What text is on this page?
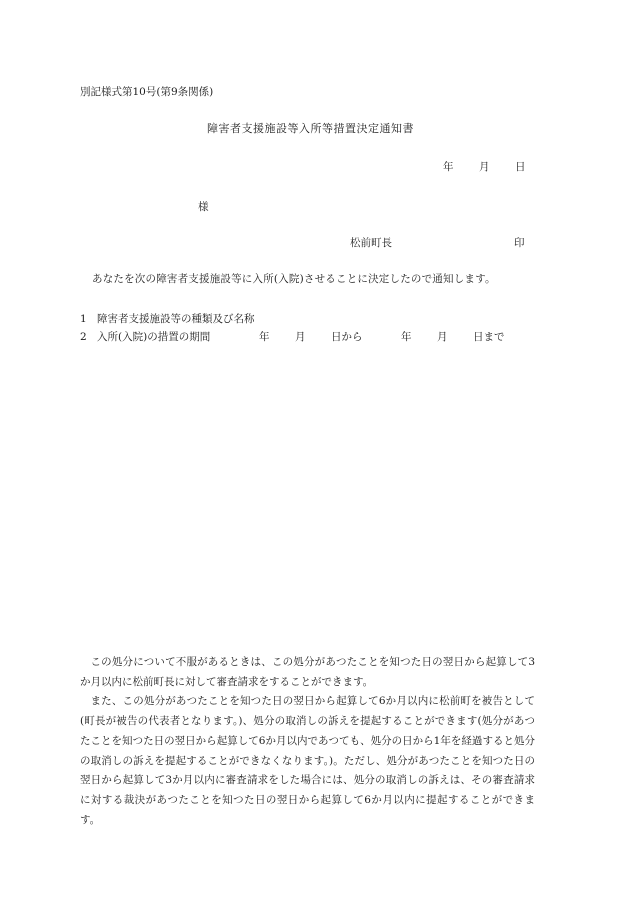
別記様式第10号(第9条関係)
障害者支援施設等入所等措置決定通知書
年 月 日
様
松前町長	印
あなたを次の障害者支援施設等に入所(入院)させることに決定したので通知します。
1 障害者支援施設等の種類及び名称
2 入所(入院)の措置の期間	年 月 日から	年 月 日まで

この処分について不服があるときは、この処分があつたことを知つた日の翌日から起算して3か月以内に松前町長に対して審査請求をすることができます。

また、この処分があつたことを知つた日の翌日から起算して6か月以内に松前町を被告として(町長が被告の代表者となります。)、処分の取消しの訴えを提起することができます(処分があつたことを知つた日の翌日から起算して6か月以内であつても、処分の日から1年を経過すると処分の取消しの訴えを提起することができなくなります。)。ただし、処分があつたことを知つた日の翌日から起算して3か月以内に審査請求をした場合には、処分の取消しの訴えは、その審査請求に対する裁決があつたことを知つた日の翌日から起算して6か月以内に提起することができます。
